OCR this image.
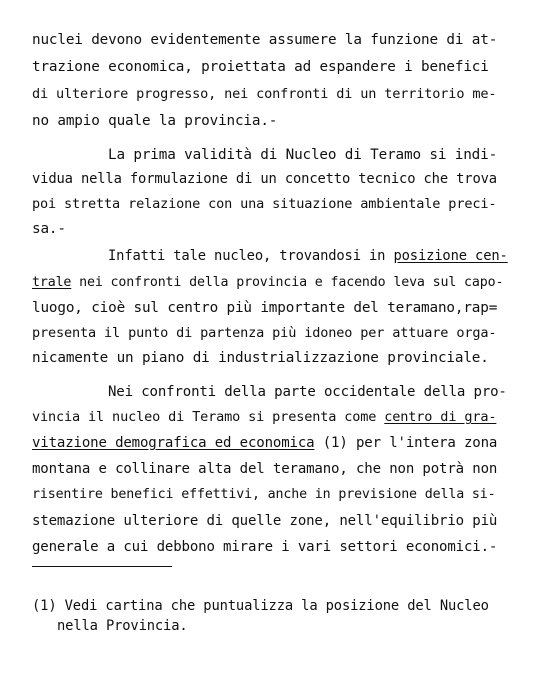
nuclei devono evidentemente assumere la funzione di at-
trazione economica, proiettata ad espandere i benefici
di ulteriore progresso, nei confronti di un territorio me-
no ampio quale la provincia.-
La prima validità di Nucleo di Teramo si indi-
vidua nella formulazione di un concetto tecnico che trova
poi stretta relazione con una situazione ambientale preci-
sa.-
Infatti tale nucleo, trovandosi in posizione cen-
trale nei confronti della provincia e facendo leva sul capo-
luogo, cioè sul centro più importante del teramano,rap=
presenta il punto di partenza più idoneo per attuare orga-
nicamente un piano di industrializzazione provinciale.
Nei confronti della parte occidentale della pro-
vincia il nucleo di Teramo si presenta come centro di gra-
vitazione demografica ed economica (1) per l'intera zona
montana e collinare alta del teramano, che non potrà non
risentire benefici effettivi, anche in previsione della si-
stemazione ulteriore di quelle zone, nell'equilibrio più
generale a cui debbono mirare i vari settori economici.-
(1) Vedi cartina che puntualizza la posizione del Nucleo
nella Provincia.
